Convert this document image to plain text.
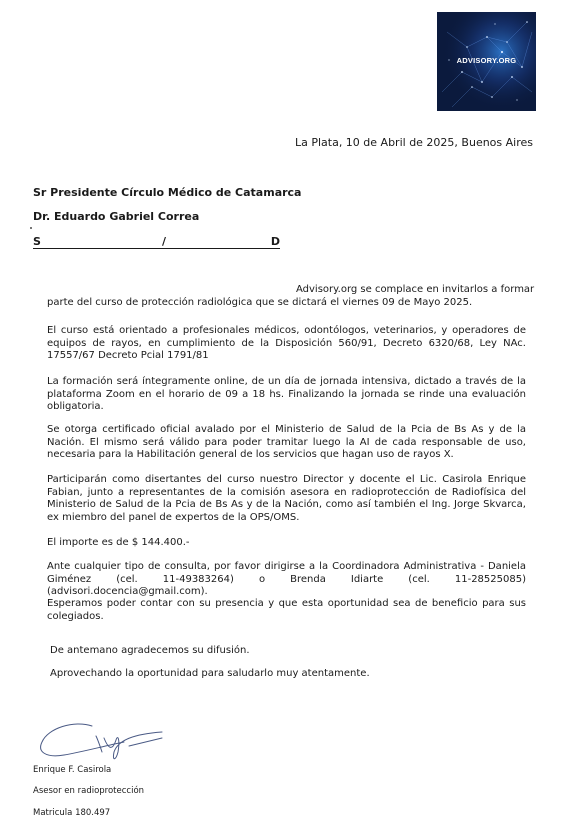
ADVISORY.ORG
La Plata, 10 de Abril de 2025, Buenos Aires
Sr Presidente Círculo Médico de Catamarca
Dr. Eduardo Gabriel Correa
S	/	D
Advisory.org se complace en invitarlos a formar
parte del curso de protección radiológica que se dictará el viernes 09 de Mayo 2025.
El curso está orientado a profesionales médicos, odontólogos, veterinarios, y operadores de equipos de rayos, en cumplimiento de la Disposición 560/91, Decreto 6320/68, Ley NAc. 17557/67 Decreto Pcial 1791/81
La formación será íntegramente online, de un día de jornada intensiva, dictado a través de la plataforma Zoom en el horario de 09 a 18 hs. Finalizando la jornada se rinde una evaluación obligatoria.
Se otorga certificado oficial avalado por el Ministerio de Salud de la Pcia de Bs As y de la Nación. El mismo será válido para poder tramitar luego la AI de cada responsable de uso, necesaria para la Habilitación general de los servicios que hagan uso de rayos X.
Participarán como disertantes del curso nuestro Director y docente el Lic. Casirola Enrique Fabian, junto a representantes de la comisión asesora en radioprotección de Radiofísica del Ministerio de Salud de la Pcia de Bs As y de la Nación, como así también el Ing. Jorge Skvarca, ex miembro del panel de expertos de la OPS/OMS.
El importe es de $ 144.400.-
Ante cualquier tipo de consulta, por favor dirigirse a la Coordinadora Administrativa - Daniela Giménez (cel. 11-49383264) o Brenda Idiarte (cel. 11-28525085) (advisori.docencia@gmail.com).
Esperamos poder contar con su presencia y que esta oportunidad sea de beneficio para sus colegiados.
De antemano agradecemos su difusión.
Aprovechando la oportunidad para saludarlo muy atentamente.
Enrique F. Casirola
Asesor en radioprotección
Matricula 180.497
